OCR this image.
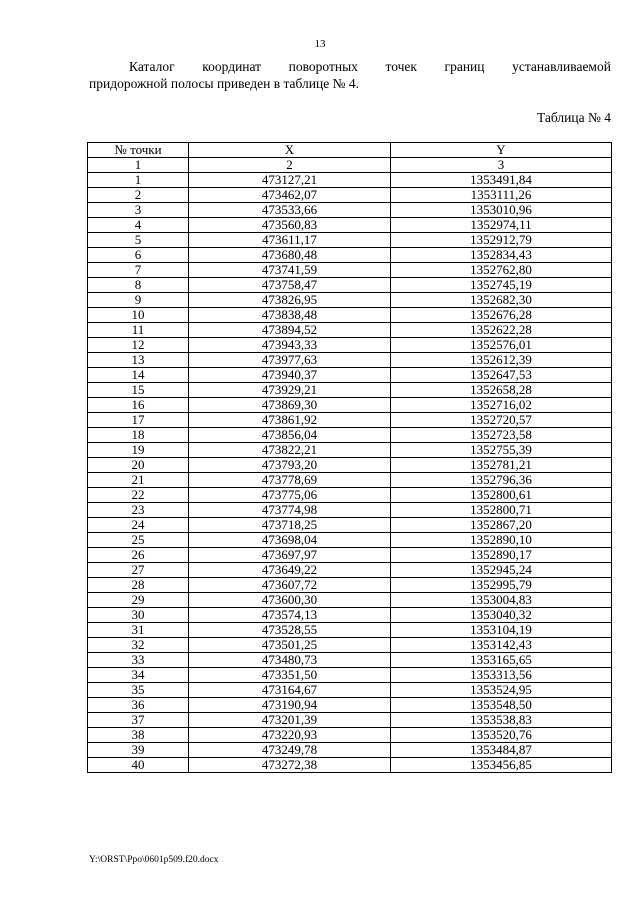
13
Каталог координат поворотных точек границ устанавливаемой
придорожной полосы приведен в таблице № 4.
Таблица № 4
№ точки	X	Y
1	2	3
1	473127,21	1353491,84
2	473462,07	1353111,26
3	473533,66	1353010,96
4	473560,83	1352974,11
5	473611,17	1352912,79
6	473680,48	1352834,43
7	473741,59	1352762,80
8	473758,47	1352745,19
9	473826,95	1352682,30
10	473838,48	1352676,28
11	473894,52	1352622,28
12	473943,33	1352576,01
13	473977,63	1352612,39
14	473940,37	1352647,53
15	473929,21	1352658,28
16	473869,30	1352716,02
17	473861,92	1352720,57
18	473856,04	1352723,58
19	473822,21	1352755,39
20	473793,20	1352781,21
21	473778,69	1352796,36
22	473775,06	1352800,61
23	473774,98	1352800,71
24	473718,25	1352867,20
25	473698,04	1352890,10
26	473697,97	1352890,17
27	473649,22	1352945,24
28	473607,72	1352995,79
29	473600,30	1353004,83
30	473574,13	1353040,32
31	473528,55	1353104,19
32	473501,25	1353142,43
33	473480,73	1353165,65
34	473351,50	1353313,56
35	473164,67	1353524,95
36	473190,94	1353548,50
37	473201,39	1353538,83
38	473220,93	1353520,76
39	473249,78	1353484,87
40	473272,38	1353456,85
Y:\ORST\Ppo\0601p509.f20.docx
